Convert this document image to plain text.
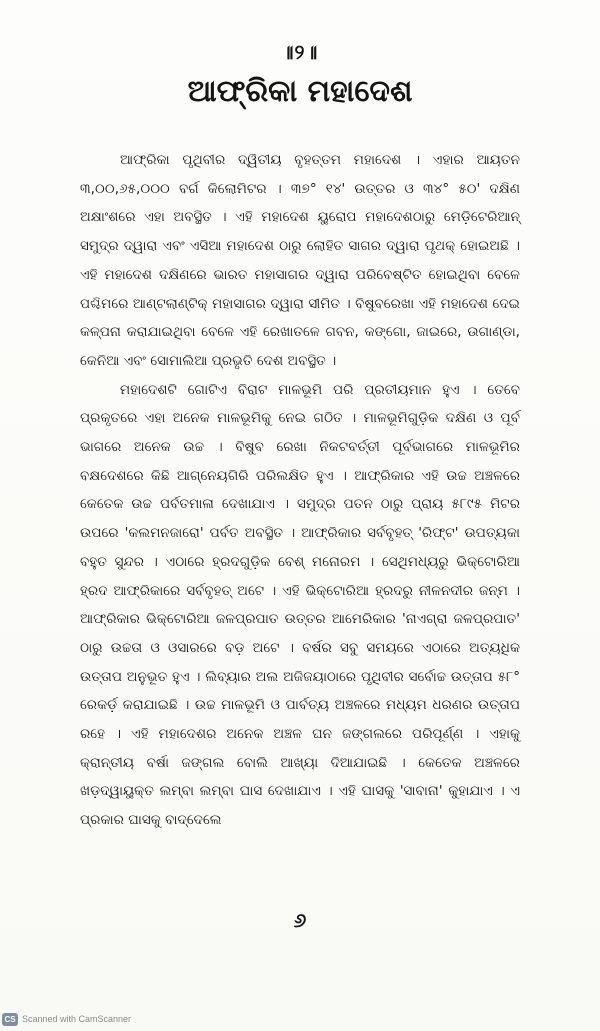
॥୨॥
ଆଫ୍ରିକା ମହାଦେଶ

ଆଫ୍ରିକା ପୃଥିବୀର ଦ୍ୱିତୀୟ ବୃହତ୍ତମ ମହାଦେଶ । ଏହାର ଆୟତନ ୩,୦୦,୬୫,୦୦୦ ବର୍ଗ କିଲୋମିଟର । ୩୭° ୧୪' ଉତ୍ତର ଓ ୩୪° ୫୦' ଦକ୍ଷିଣ ଅକ୍ଷାଂଶରେ ଏହା ଅବସ୍ଥିତ । ଏହି ମହାଦେଶ ୟୁରୋପ ମହାଦେଶଠାରୁ ମେଡ଼ିଟେରିଆନ୍ ସମୁଦ୍ର ଦ୍ୱାରା ଏବଂ ଏସିଆ ମହାଦେଶ ଠାରୁ ଲୋହିତ ସାଗର ଦ୍ୱାରା ପୃଥକ୍ ହୋଇଅଛି । ଏହି ମହାଦେଶ ଦକ୍ଷିଣରେ ଭାରତ ମହାସାଗର ଦ୍ୱାରା ପରିବେଷ୍ଟିତ ହୋଇଥିବା ବେଳେ ପଶ୍ଚିମରେ ଆଣ୍ଟଲାଣ୍ଟିକ୍ ମହାସାଗର ଦ୍ୱାରା ସୀମିତ । ବିଷୁବରେଖା ଏହି ମହାଦେଶ ଦେଇ କଳ୍ପନା କରାଯାଇଥିବା ବେଳେ ଏହି ରେଖାତଳେ ଗବନ, କଙ୍ଗୋ, ଜାଇରେ, ଉଗାଣ୍ଡା, କେନିଆ ଏବଂ ସୋମାଲିଆ ପ୍ରଭୃତି ଦେଶ ଅବସ୍ଥିତ ।

ମହାଦେଶଟି ଗୋଟିଏ ବିରାଟ ମାଳଭୂମି ପରି ପ୍ରତୀୟମାନ ହୁଏ । ତେବେ ପ୍ରକୃତରେ ଏହା ଅନେକ ମାଳଭୂମିକୁ ନେଇ ଗଠିତ । ମାଳଭୂମିଗୁଡ଼ିକ ଦକ୍ଷିଣ ଓ ପୂର୍ବ ଭାଗରେ ଅନେକ ଉଚ୍ଚ । ବିଷୁବ ରେଖା ନିକଟବର୍ତ୍ତୀ ପୂର୍ବଭାଗରେ ମାଳଭୂମିର ବକ୍ଷଦେଶରେ କିଛି ଆଗ୍ନେୟଗିରି ପରିଲକ୍ଷିତ ହୁଏ । ଆଫ୍ରିକାର ଏହି ଉଚ୍ଚ ଅଞ୍ଚଳରେ କେତେକ ଉଚ୍ଚ ପର୍ବତମାଳା ଦେଖାଯାଏ । ସମୁଦ୍ର ପତନ ଠାରୁ ପ୍ରାୟ ୫୮୯୫ ମିଟର ଉପରେ 'କଲମନଜାରୋ' ପର୍ବତ ଅବସ୍ଥିତ । ଆଫ୍ରିକାର ସର୍ବବୃହତ୍ 'ରିଫ୍ଟ' ଉପତ୍ୟକା ବହୁତ ସୁନ୍ଦର । ଏଠାରେ ହ୍ରଦଗୁଡ଼ିକ ବେଶ୍ ମନୋରମ । ସେଥିମଧ୍ୟରୁ ଭିକ୍ଟୋରିଆ ହ୍ରଦ ଆଫ୍ରିକାରେ ସର୍ବବୃହତ୍ ଅଟେ । ଏହି ଭିକ୍ଟୋରିଆ ହ୍ରଦରୁ ନୀଳନଦୀର ଜନ୍ମ । ଆଫ୍ରିକାର ଭିକ୍ଟୋରିଆ ଜଳପ୍ରପାତ ଉତ୍ତର ଆମେରିକାର 'ନାଏଗ୍ରା ଜଳପ୍ରପାତ' ଠାରୁ ଉଚ୍ଚତା ଓ ଓସାରରେ ବଡ଼ ଅଟେ । ବର୍ଷର ସବୁ ସମୟରେ ଏଠାରେ ଅତ୍ୟଧିକ ଉତ୍ତାପ ଅନୁଭୂତ ହୁଏ । ଲିବ୍ୟାର ଅଲ ଅଜିଜୟାଠାରେ ପୃଥିବୀର ସର୍ବୋଚ୍ଚ ଉତ୍ତାପ ୫୮° ରେକର୍ଡ଼ କରାଯାଇଛି । ଉଚ୍ଚ ମାଳଭୂମି ଓ ପାର୍ବତ୍ୟ ଅଞ୍ଚଳରେ ମଧ୍ୟମ ଧରଣର ଉତ୍ତାପ ରହେ । ଏହି ମହାଦେଶର ଅନେକ ଅଞ୍ଚଳ ଘନ ଜଙ୍ଗଲରେ ପରିପୂର୍ଣ୍ଣ । ଏହାକୁ କ୍ରାନ୍ତୀୟ ବର୍ଷା ଜଙ୍ଗଲ ବୋଲି ଆଖ୍ୟା ଦିଆଯାଇଛି । କେତେକ ଅଞ୍ଚଳରେ ଖଡ଼ଦ୍ୱାୟୁକ୍ତ ଲମ୍ବା ଲମ୍ବା ଘାସ ଦେଖାଯାଏ । ଏହି ଘାସକୁ 'ସାବାନା' କୁହାଯାଏ । ଏ ପ୍ରକାର ଘାସକୁ ବାଦ୍‌ଦେଲେ

୬
CS Scanned with CamScanner
